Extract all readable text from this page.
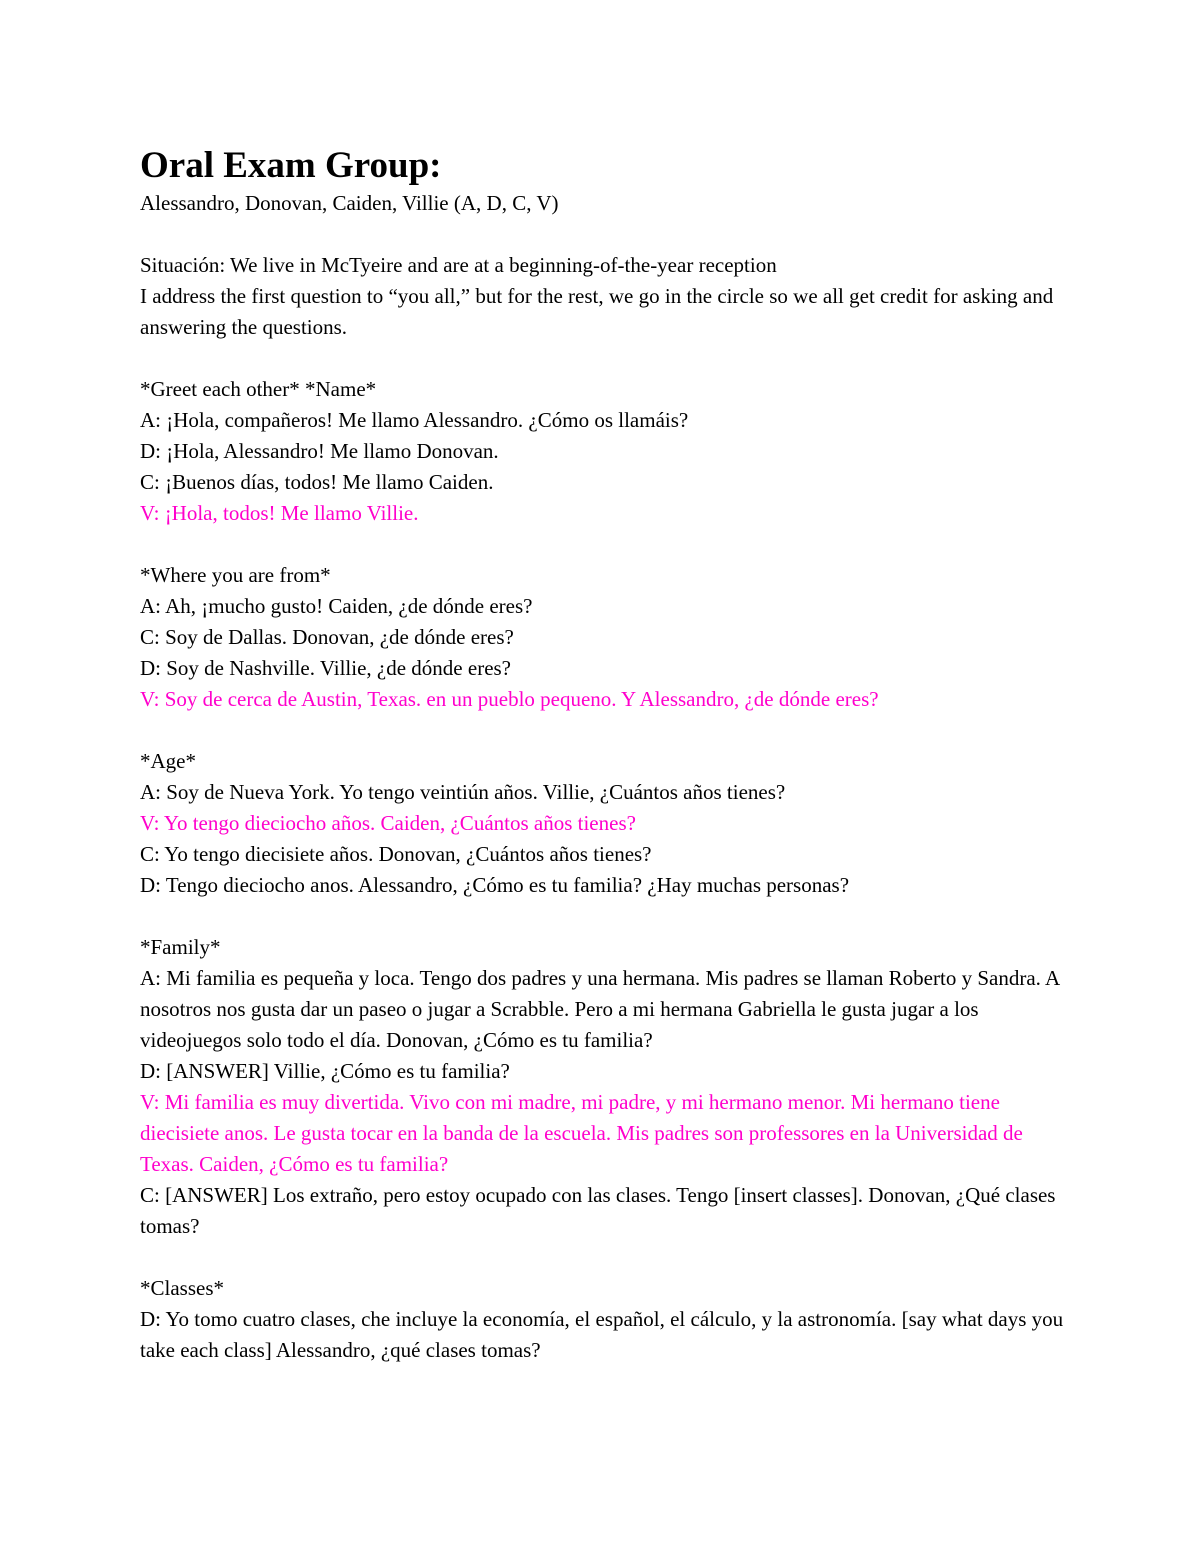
Oral Exam Group:

Alessandro, Donovan, Caiden, Villie (A, D, C, V)

Situación: We live in McTyeire and are at a beginning-of-the-year reception

I address the first question to “you all,” but for the rest, we go in the circle so we all get credit for asking and answering the questions.

*Greet each other* *Name*

A: ¡Hola, compañeros! Me llamo Alessandro. ¿Cómo os llamáis?

D: ¡Hola, Alessandro! Me llamo Donovan.

C: ¡Buenos días, todos! Me llamo Caiden.

V: ¡Hola, todos! Me llamo Villie.

*Where you are from*

A: Ah, ¡mucho gusto! Caiden, ¿de dónde eres?

C: Soy de Dallas. Donovan, ¿de dónde eres?

D: Soy de Nashville. Villie, ¿de dónde eres?

V: Soy de cerca de Austin, Texas. en un pueblo pequeno. Y Alessandro, ¿de dónde eres?

*Age*

A: Soy de Nueva York. Yo tengo veintiún años. Villie, ¿Cuántos años tienes?

V: Yo tengo dieciocho años. Caiden, ¿Cuántos años tienes?

C: Yo tengo diecisiete años. Donovan, ¿Cuántos años tienes?

D: Tengo dieciocho anos. Alessandro, ¿Cómo es tu familia? ¿Hay muchas personas?

*Family*

A: Mi familia es pequeña y loca. Tengo dos padres y una hermana. Mis padres se llaman Roberto y Sandra. A nosotros nos gusta dar un paseo o jugar a Scrabble. Pero a mi hermana Gabriella le gusta jugar a los videojuegos solo todo el día. Donovan, ¿Cómo es tu familia?

D: [ANSWER] Villie, ¿Cómo es tu familia?

V: Mi familia es muy divertida. Vivo con mi madre, mi padre, y mi hermano menor. Mi hermano tiene diecisiete anos. Le gusta tocar en la banda de la escuela. Mis padres son professores en la Universidad de Texas. Caiden, ¿Cómo es tu familia?

C: [ANSWER] Los extraño, pero estoy ocupado con las clases. Tengo [insert classes]. Donovan, ¿Qué clases tomas?

*Classes*

D: Yo tomo cuatro clases, che incluye la economía, el español, el cálculo, y la astronomía. [say what days you take each class] Alessandro, ¿qué clases tomas?
